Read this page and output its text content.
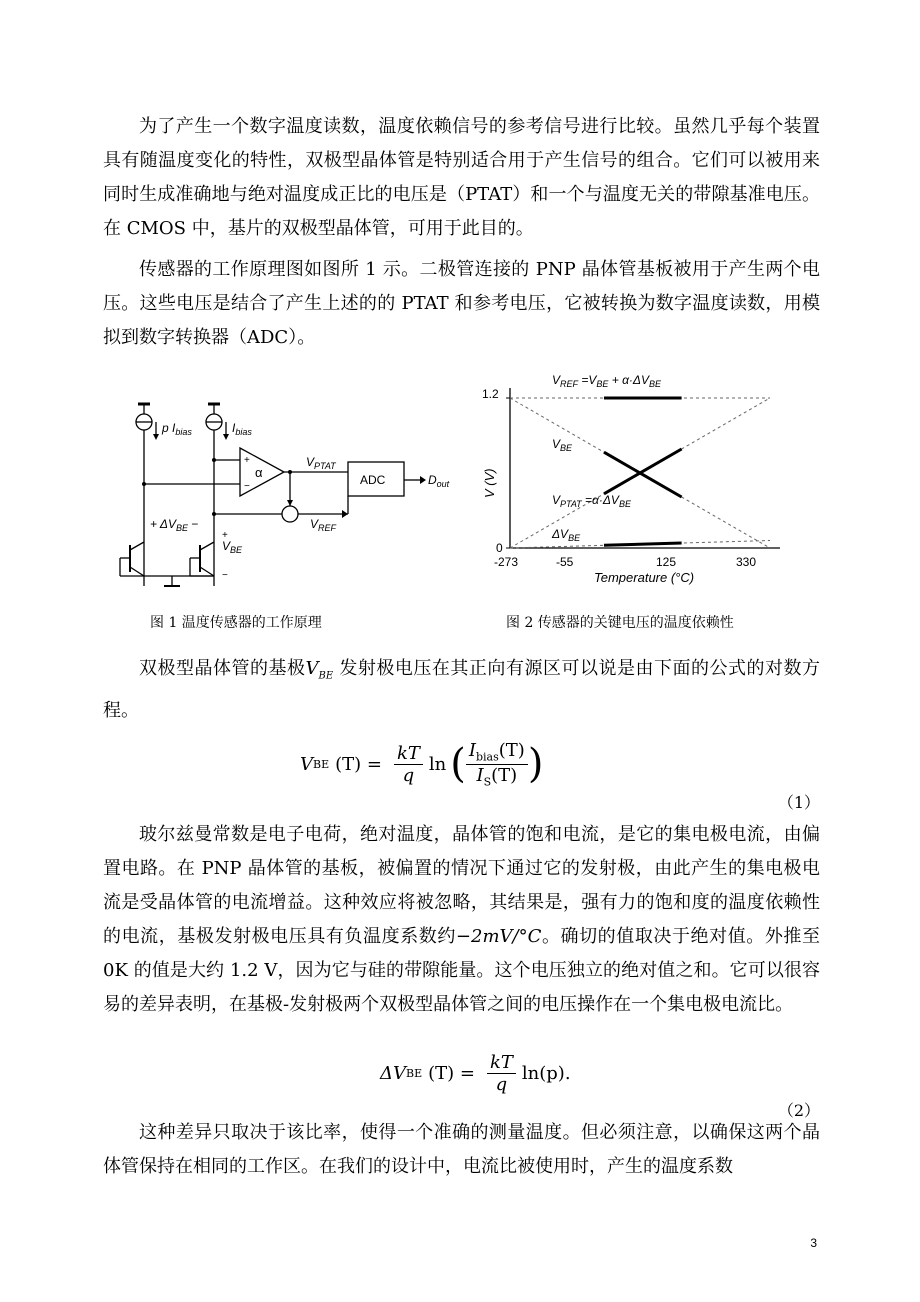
为了产生一个数字温度读数，温度依赖信号的参考信号进行比较。虽然几乎每个装置具有随温度变化的特性，双极型晶体管是特别适合用于产生信号的组合。它们可以被用来同时生成准确地与绝对温度成正比的电压是（PTAT）和一个与温度无关的带隙基准电压。在 CMOS 中，基片的双极型晶体管，可用于此目的。

传感器的工作原理图如图所 1 示。二极管连接的 PNP 晶体管基板被用于产生两个电压。这些电压是结合了产生上述的的 PTAT 和参考电压，它被转换为数字温度读数，用模拟到数字转换器（ADC）。

p $I_{bias}$	$I_{bias}$
+
−
α
$V_{PTAT}$
$V_{REF}$
ADC	$D_{out}$
+ $\Delta V_{BE}$ −
$V_{BE}$
+
−
图 1 温度传感器的工作原理
$V_{REF} =V_{BE} + \alpha\cdot\Delta V_{BE}$
$V_{BE}$
$V_{PTAT} =\alpha\cdot\Delta V_{BE}$
$\Delta V_{BE}$
1.2
0
V (V)
-273	-55	125	330
Temperature (°C)
图 2 传感器的关键电压的温度依赖性

双极型晶体管的基极$V_{BE}$ 发射极电压在其正向有源区可以说是由下面的公式的对数方程。

V BE $(T) = \frac{kT}{q}$ ln ( $I_{bias}(T)$
$I_S(T)$ )
（1）

玻尔兹曼常数是电子电荷，绝对温度，晶体管的饱和电流，是它的集电极电流，由偏置电路。在 PNP 晶体管的基板，被偏置的情况下通过它的发射极，由此产生的集电极电流是受晶体管的电流增益。这种效应将被忽略，其结果是，强有力的饱和度的温度依赖性的电流，基极发射极电压具有负温度系数约−2mV/°C。确切的值取决于绝对值。外推至 0K 的值是大约 1.2 V，因为它与硅的带隙能量。这个电压独立的绝对值之和。它可以很容易的差异表明，在基极-发射极两个双极型晶体管之间的电压操作在一个集电极电流比。

ΔV BE $(T) = \frac{kT}{q} \ln(p)$.
（2）

这种差异只取决于该比率，使得一个准确的测量温度。但必须注意，以确保这两个晶体管保持在相同的工作区。在我们的设计中，电流比被使用时，产生的温度系数

3
